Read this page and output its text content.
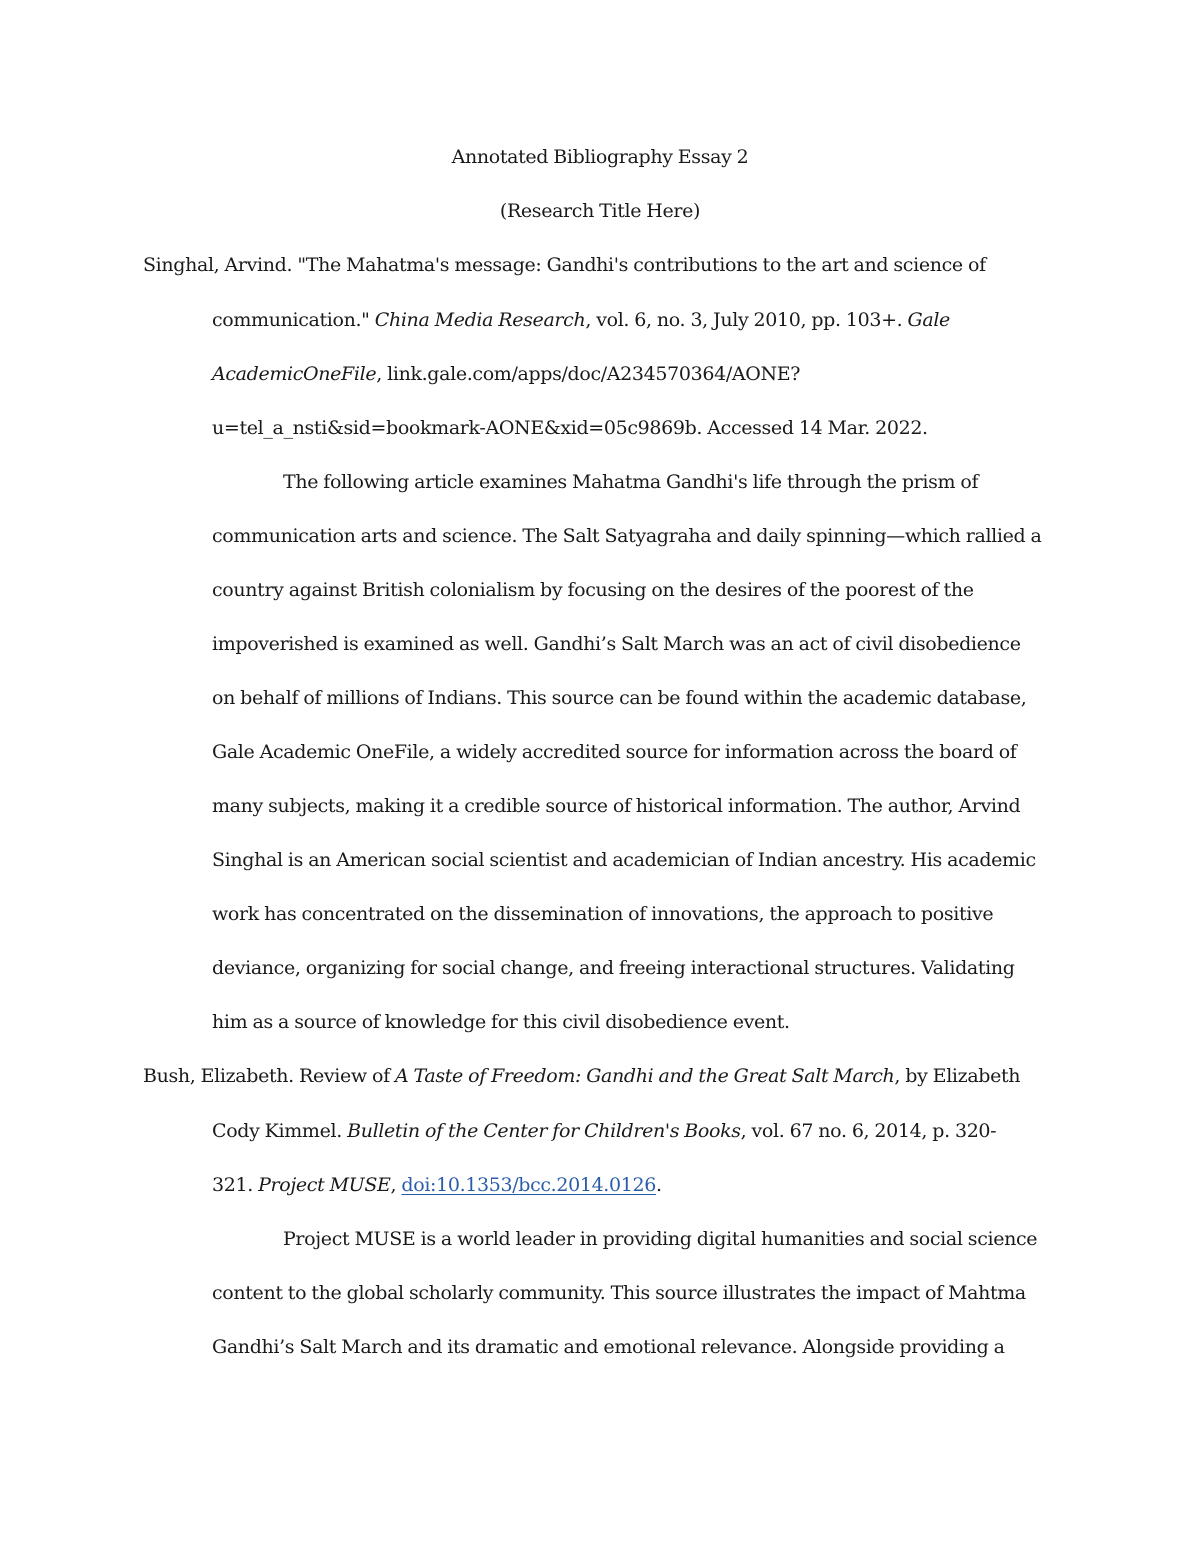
Annotated Bibliography Essay 2
(Research Title Here)
Singhal, Arvind. "The Mahatma's message: Gandhi's contributions to the art and science of
communication." China Media Research, vol. 6, no. 3, July 2010, pp. 103+. Gale
AcademicOneFile, link.gale.com/apps/doc/A234570364/AONE?
u=tel_a_nsti&sid=bookmark-AONE&xid=05c9869b. Accessed 14 Mar. 2022.
The following article examines Mahatma Gandhi's life through the prism of
communication arts and science. The Salt Satyagraha and daily spinning—which rallied a
country against British colonialism by focusing on the desires of the poorest of the
impoverished is examined as well. Gandhi’s Salt March was an act of civil disobedience
on behalf of millions of Indians. This source can be found within the academic database,
Gale Academic OneFile, a widely accredited source for information across the board of
many subjects, making it a credible source of historical information. The author, Arvind
Singhal is an American social scientist and academician of Indian ancestry. His academic
work has concentrated on the dissemination of innovations, the approach to positive
deviance, organizing for social change, and freeing interactional structures. Validating
him as a source of knowledge for this civil disobedience event.
Bush, Elizabeth. Review of A Taste of Freedom: Gandhi and the Great Salt March, by Elizabeth
Cody Kimmel. Bulletin of the Center for Children's Books, vol. 67 no. 6, 2014, p. 320-
321. Project MUSE, doi:10.1353/bcc.2014.0126.
Project MUSE is a world leader in providing digital humanities and social science
content to the global scholarly community. This source illustrates the impact of Mahtma
Gandhi’s Salt March and its dramatic and emotional relevance. Alongside providing a
